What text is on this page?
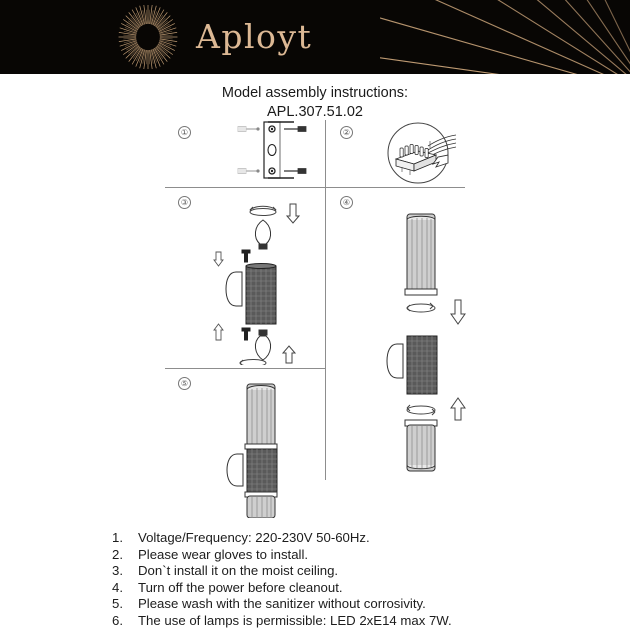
Aployt
Model assembly instructions:
APL.307.51.02
①	②
③	④
⑤
1.	Voltage/Frequency: 220-230V 50-60Hz.
2.	Please wear gloves to install.
3.	Don`t install it on the moist ceiling.
4.	Turn off the power before cleanout.
5.	Please wash with the sanitizer without corrosivity.
6.	The use of lamps is permissible: LED 2xE14 max 7W.
